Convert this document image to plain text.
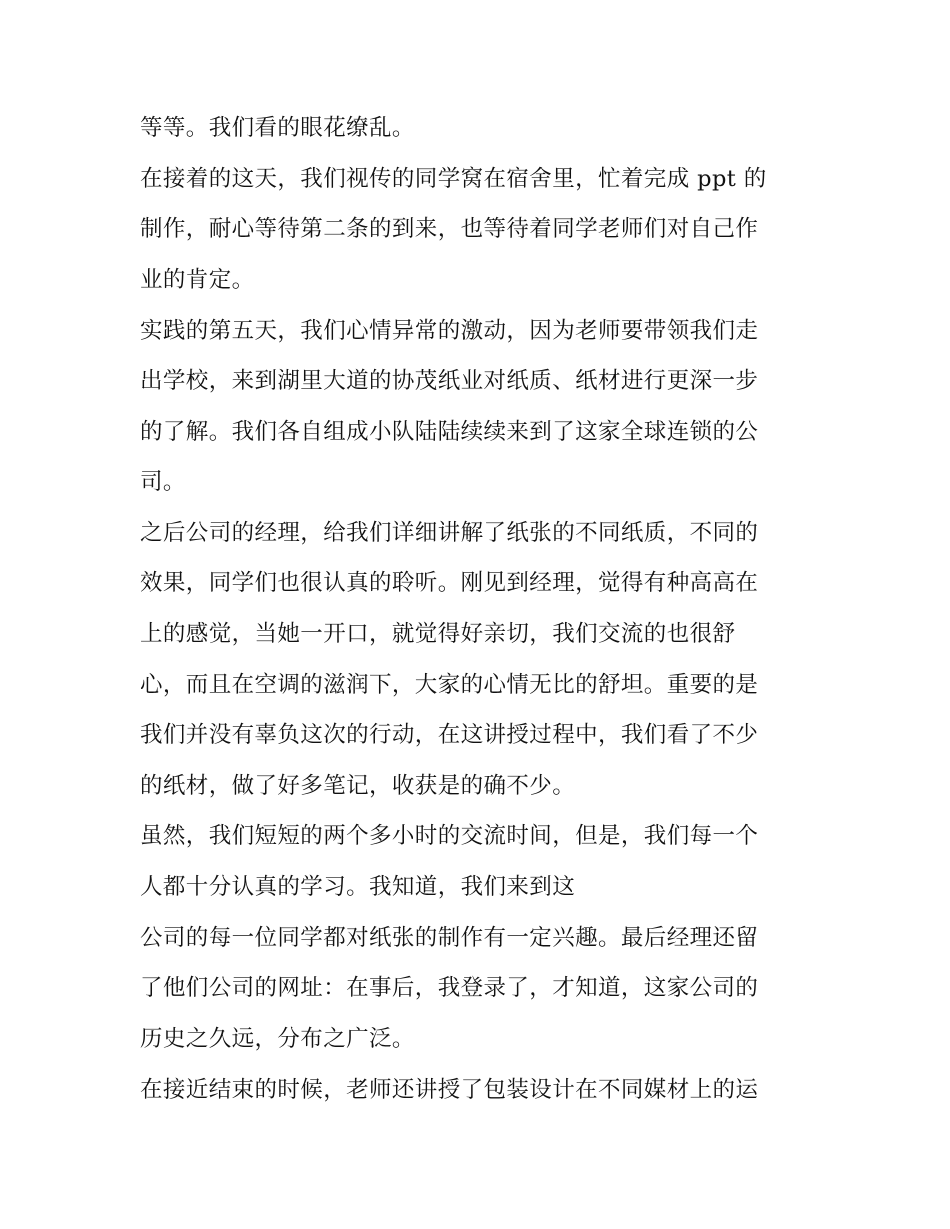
等等。我们看的眼花缭乱。

在接着的这天，我们视传的同学窝在宿舍里，忙着完成 ppt 的

制作，耐心等待第二条的到来，也等待着同学老师们对自己作

业的肯定。

实践的第五天，我们心情异常的激动，因为老师要带领我们走

出学校，来到湖里大道的协茂纸业对纸质、纸材进行更深一步

的了解。我们各自组成小队陆陆续续来到了这家全球连锁的公

司。

之后公司的经理，给我们详细讲解了纸张的不同纸质，不同的

效果，同学们也很认真的聆听。刚见到经理，觉得有种高高在

上的感觉，当她一开口，就觉得好亲切，我们交流的也很舒

心，而且在空调的滋润下，大家的心情无比的舒坦。重要的是

我们并没有辜负这次的行动，在这讲授过程中，我们看了不少

的纸材，做了好多笔记，收获是的确不少。

虽然，我们短短的两个多小时的交流时间，但是，我们每一个

人都十分认真的学习。我知道，我们来到这

公司的每一位同学都对纸张的制作有一定兴趣。最后经理还留

了他们公司的网址：在事后，我登录了，才知道，这家公司的

历史之久远，分布之广泛。

在接近结束的时候，老师还讲授了包装设计在不同媒材上的运
